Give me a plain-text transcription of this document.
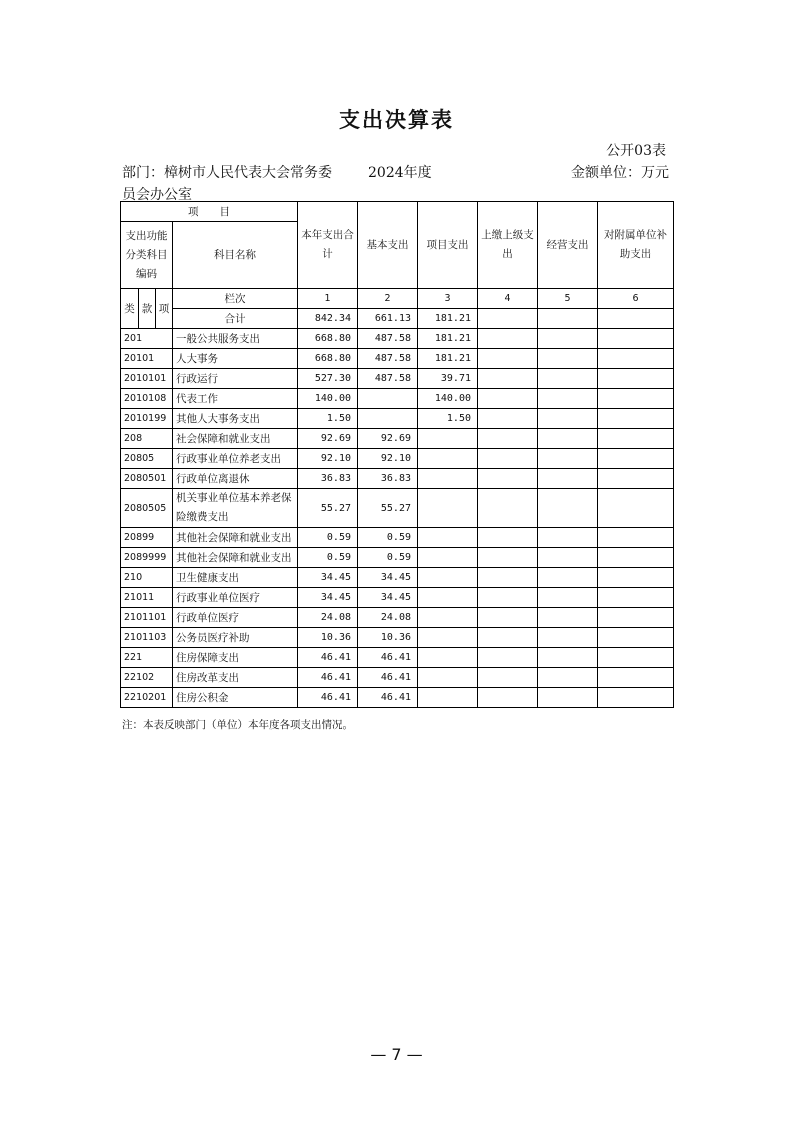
支出决算表
公开03表
部门：樟树市人民代表大会常务委员会办公室
2024年度	金额单位：万元
项　　目				本年支出合计	基本支出	项目支出	上缴上级支出	经营支出	对附属单位补助支出
支出功能分类科目编码			科目名称						
类	款	项	栏次	1	2	3	4	5	6
			合计	842.34	661.13	181.21			
201			一般公共服务支出	668.80	487.58	181.21			
20101			人大事务	668.80	487.58	181.21			
2010101			行政运行	527.30	487.58	39.71			
2010108			代表工作	140.00		140.00			
2010199			其他人大事务支出	1.50		1.50			
208			社会保障和就业支出	92.69	92.69				
20805			行政事业单位养老支出	92.10	92.10				
2080501			行政单位离退休	36.83	36.83				
2080505			机关事业单位基本养老保险缴费支出	55.27	55.27				
20899			其他社会保障和就业支出	0.59	0.59				
2089999			其他社会保障和就业支出	0.59	0.59				
210			卫生健康支出	34.45	34.45				
21011			行政事业单位医疗	34.45	34.45				
2101101			行政单位医疗	24.08	24.08				
2101103			公务员医疗补助	10.36	10.36				
221			住房保障支出	46.41	46.41				
22102			住房改革支出	46.41	46.41				
2210201			住房公积金	46.41	46.41				
注：本表反映部门（单位）本年度各项支出情况。
— 7 —
